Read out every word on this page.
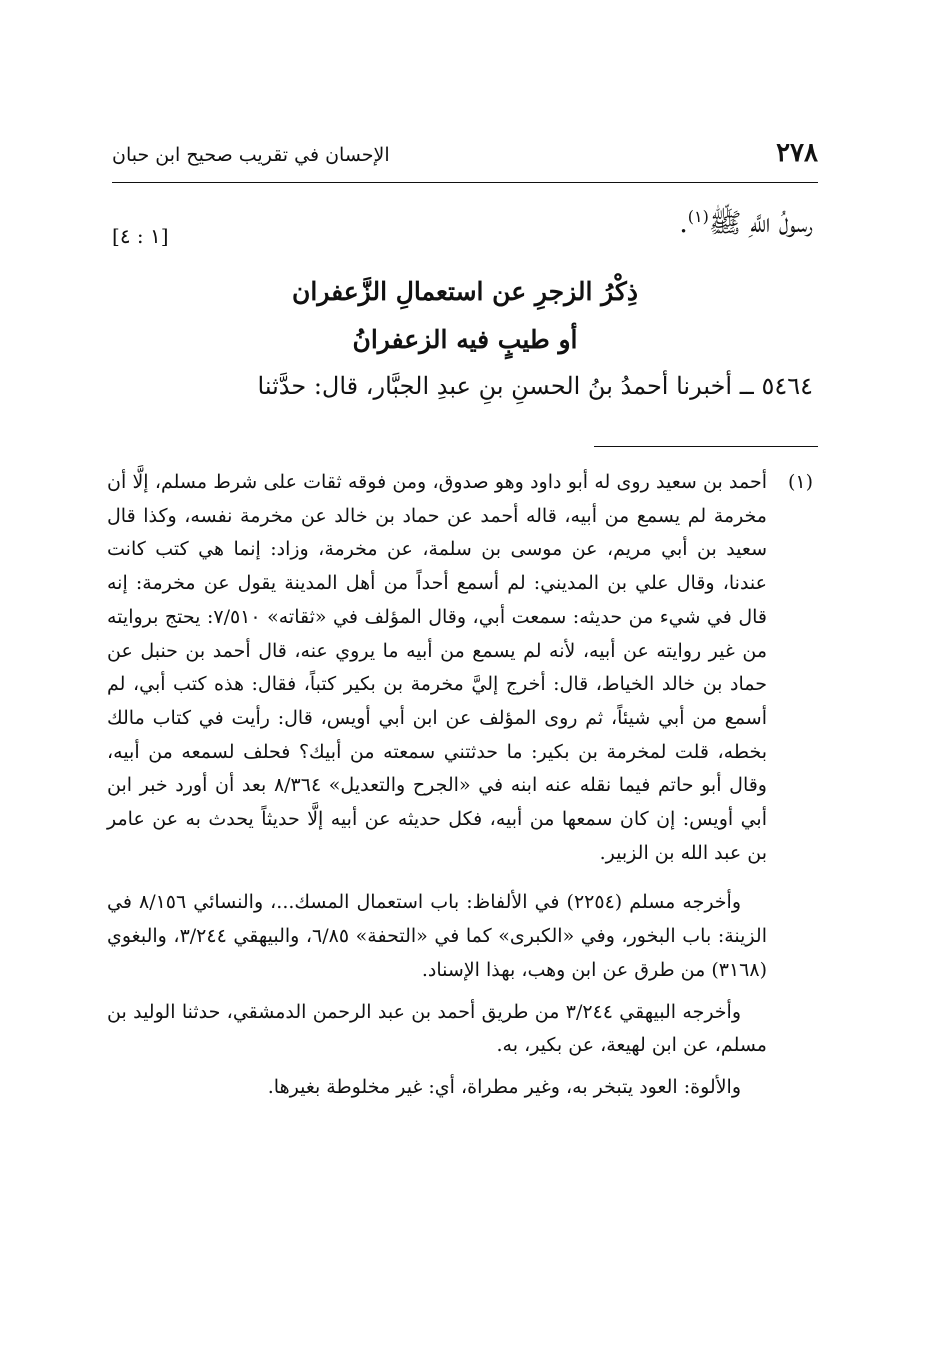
٢٧٨
الإحسان في تقريب صحيح ابن حبان
رسولُ اللَّهِ ﷺ$^{(١)}$.
[١ : ٤]
ذِكْرُ الزجرِ عن استعمالِ الزَّعفران
أو طيبٍ فيه الزعفرانُ
٥٤٦٤ ــ أخبرنا أحمدُ بنُ الحسنِ بنِ عبدِ الجبَّار، قال: حدَّثنا
(١)
أحمد بن سعيد روى له أبو داود وهو صدوق، ومن فوقه ثقات على شرط مسلم، إلَّا أن مخرمة لم يسمع من أبيه، قاله أحمد عن حماد بن خالد عن مخرمة نفسه، وكذا قال سعيد بن أبي مريم، عن موسى بن سلمة، عن مخرمة، وزاد: إنما هي كتب كانت عندنا، وقال علي بن المديني: لم أسمع أحداً من أهل المدينة يقول عن مخرمة: إنه قال في شيء من حديثه: سمعت أبي، وقال المؤلف في «ثقاته» ٧/٥١٠: يحتج بروايته من غير روايته عن أبيه، لأنه لم يسمع من أبيه ما يروي عنه، قال أحمد بن حنبل عن حماد بن خالد الخياط، قال: أخرج إليَّ مخرمة بن بكير كتباً، فقال: هذه كتب أبي، لم أسمع من أبي شيئاً، ثم روى المؤلف عن ابن أبي أويس، قال: رأيت في كتاب مالك بخطه، قلت لمخرمة بن بكير: ما حدثتني سمعته من أبيك؟ فحلف لسمعه من أبيه، وقال أبو حاتم فيما نقله عنه ابنه في «الجرح والتعديل» ٨/٣٦٤ بعد أن أورد خبر ابن أبي أويس: إن كان سمعها من أبيه، فكل حديثه عن أبيه إلَّا حديثاً يحدث به عن عامر بن عبد الله بن الزبير.

وأخرجه مسلم (٢٢٥٤) في الألفاظ: باب استعمال المسك...، والنسائي ٨/١٥٦ في الزينة: باب البخور، وفي «الكبرى» كما في «التحفة» ٦/٨٥، والبيهقي ٣/٢٤٤، والبغوي (٣١٦٨) من طرق عن ابن وهب، بهذا الإسناد.

وأخرجه البيهقي ٣/٢٤٤ من طريق أحمد بن عبد الرحمن الدمشقي، حدثنا الوليد بن مسلم، عن ابن لهيعة، عن بكير، به.

والألوة: العود يتبخر به، وغير مطراة، أي: غير مخلوطة بغيرها.
